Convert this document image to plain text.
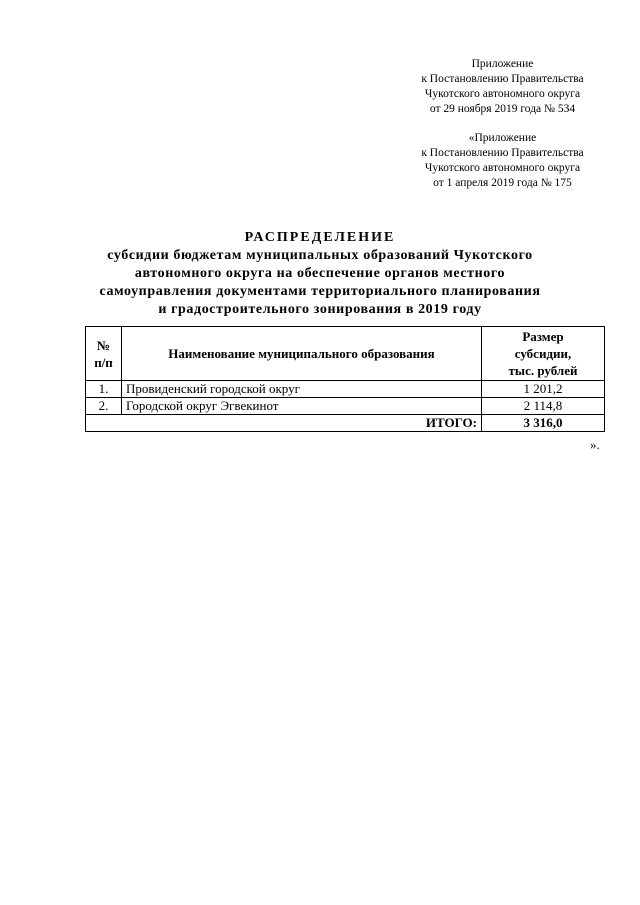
Приложение
к Постановлению Правительства
Чукотского автономного округа
от 29 ноября 2019 года № 534
«Приложение
к Постановлению Правительства
Чукотского автономного округа
от 1 апреля 2019 года № 175
РАСПРЕДЕЛЕНИЕ
субсидии бюджетам муниципальных образований Чукотского
автономного округа на обеспечение органов местного
самоуправления документами территориального планирования
и градостроительного зонирования в 2019 году
№
п/п	Наименование муниципального образования	Размер
субсидии,
тыс. рублей
1.	Провиденский городской округ	1 201,2
2.	Городской округ Эгвекинот	2 114,8
	ИТОГО:	3 316,0
».
